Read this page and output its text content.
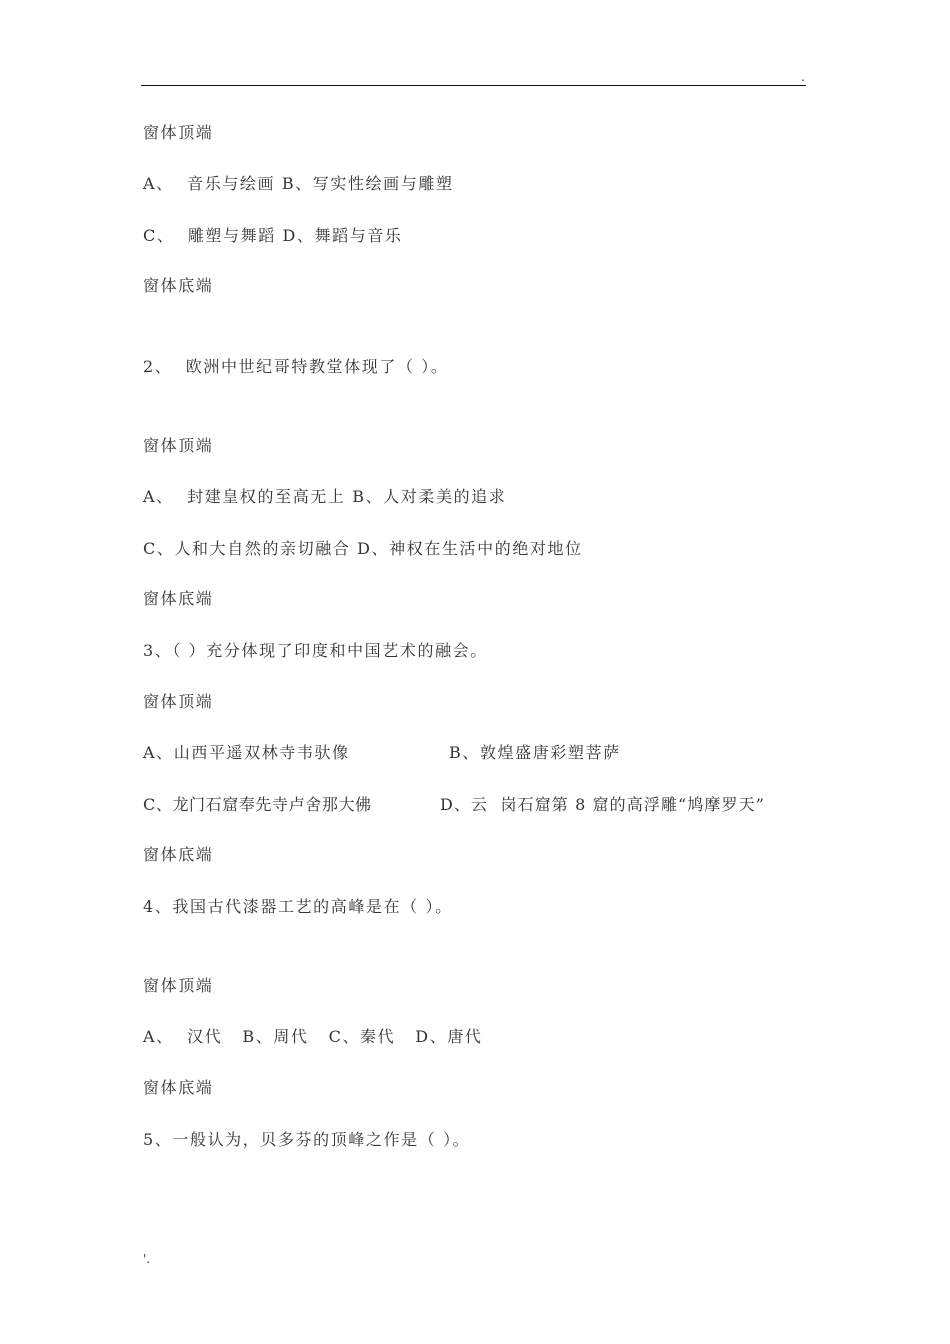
.
窗体顶端
A、  音乐与绘画 B、写实性绘画与雕塑
C、  雕塑与舞蹈 D、舞蹈与音乐
窗体底端
2、  欧洲中世纪哥特教堂体现了（ ）。
窗体顶端
A、  封建皇权的至高无上 B、人对柔美的追求
C、人和大自然的亲切融合 D、神权在生活中的绝对地位
窗体底端
3、（ ）充分体现了印度和中国艺术的融会。
窗体顶端
A、山西平遥双林寺韦驮像	B、敦煌盛唐彩塑菩萨
C、龙门石窟奉先寺卢舍那大佛	D、云  岗石窟第 8 窟的高浮雕“鸠摩罗天”
窗体底端
4、我国古代漆器工艺的高峰是在（ ）。
窗体顶端
A、  汉代   B、周代   C、秦代   D、唐代
窗体底端
5、一般认为，贝多芬的顶峰之作是（ ）。
'.
